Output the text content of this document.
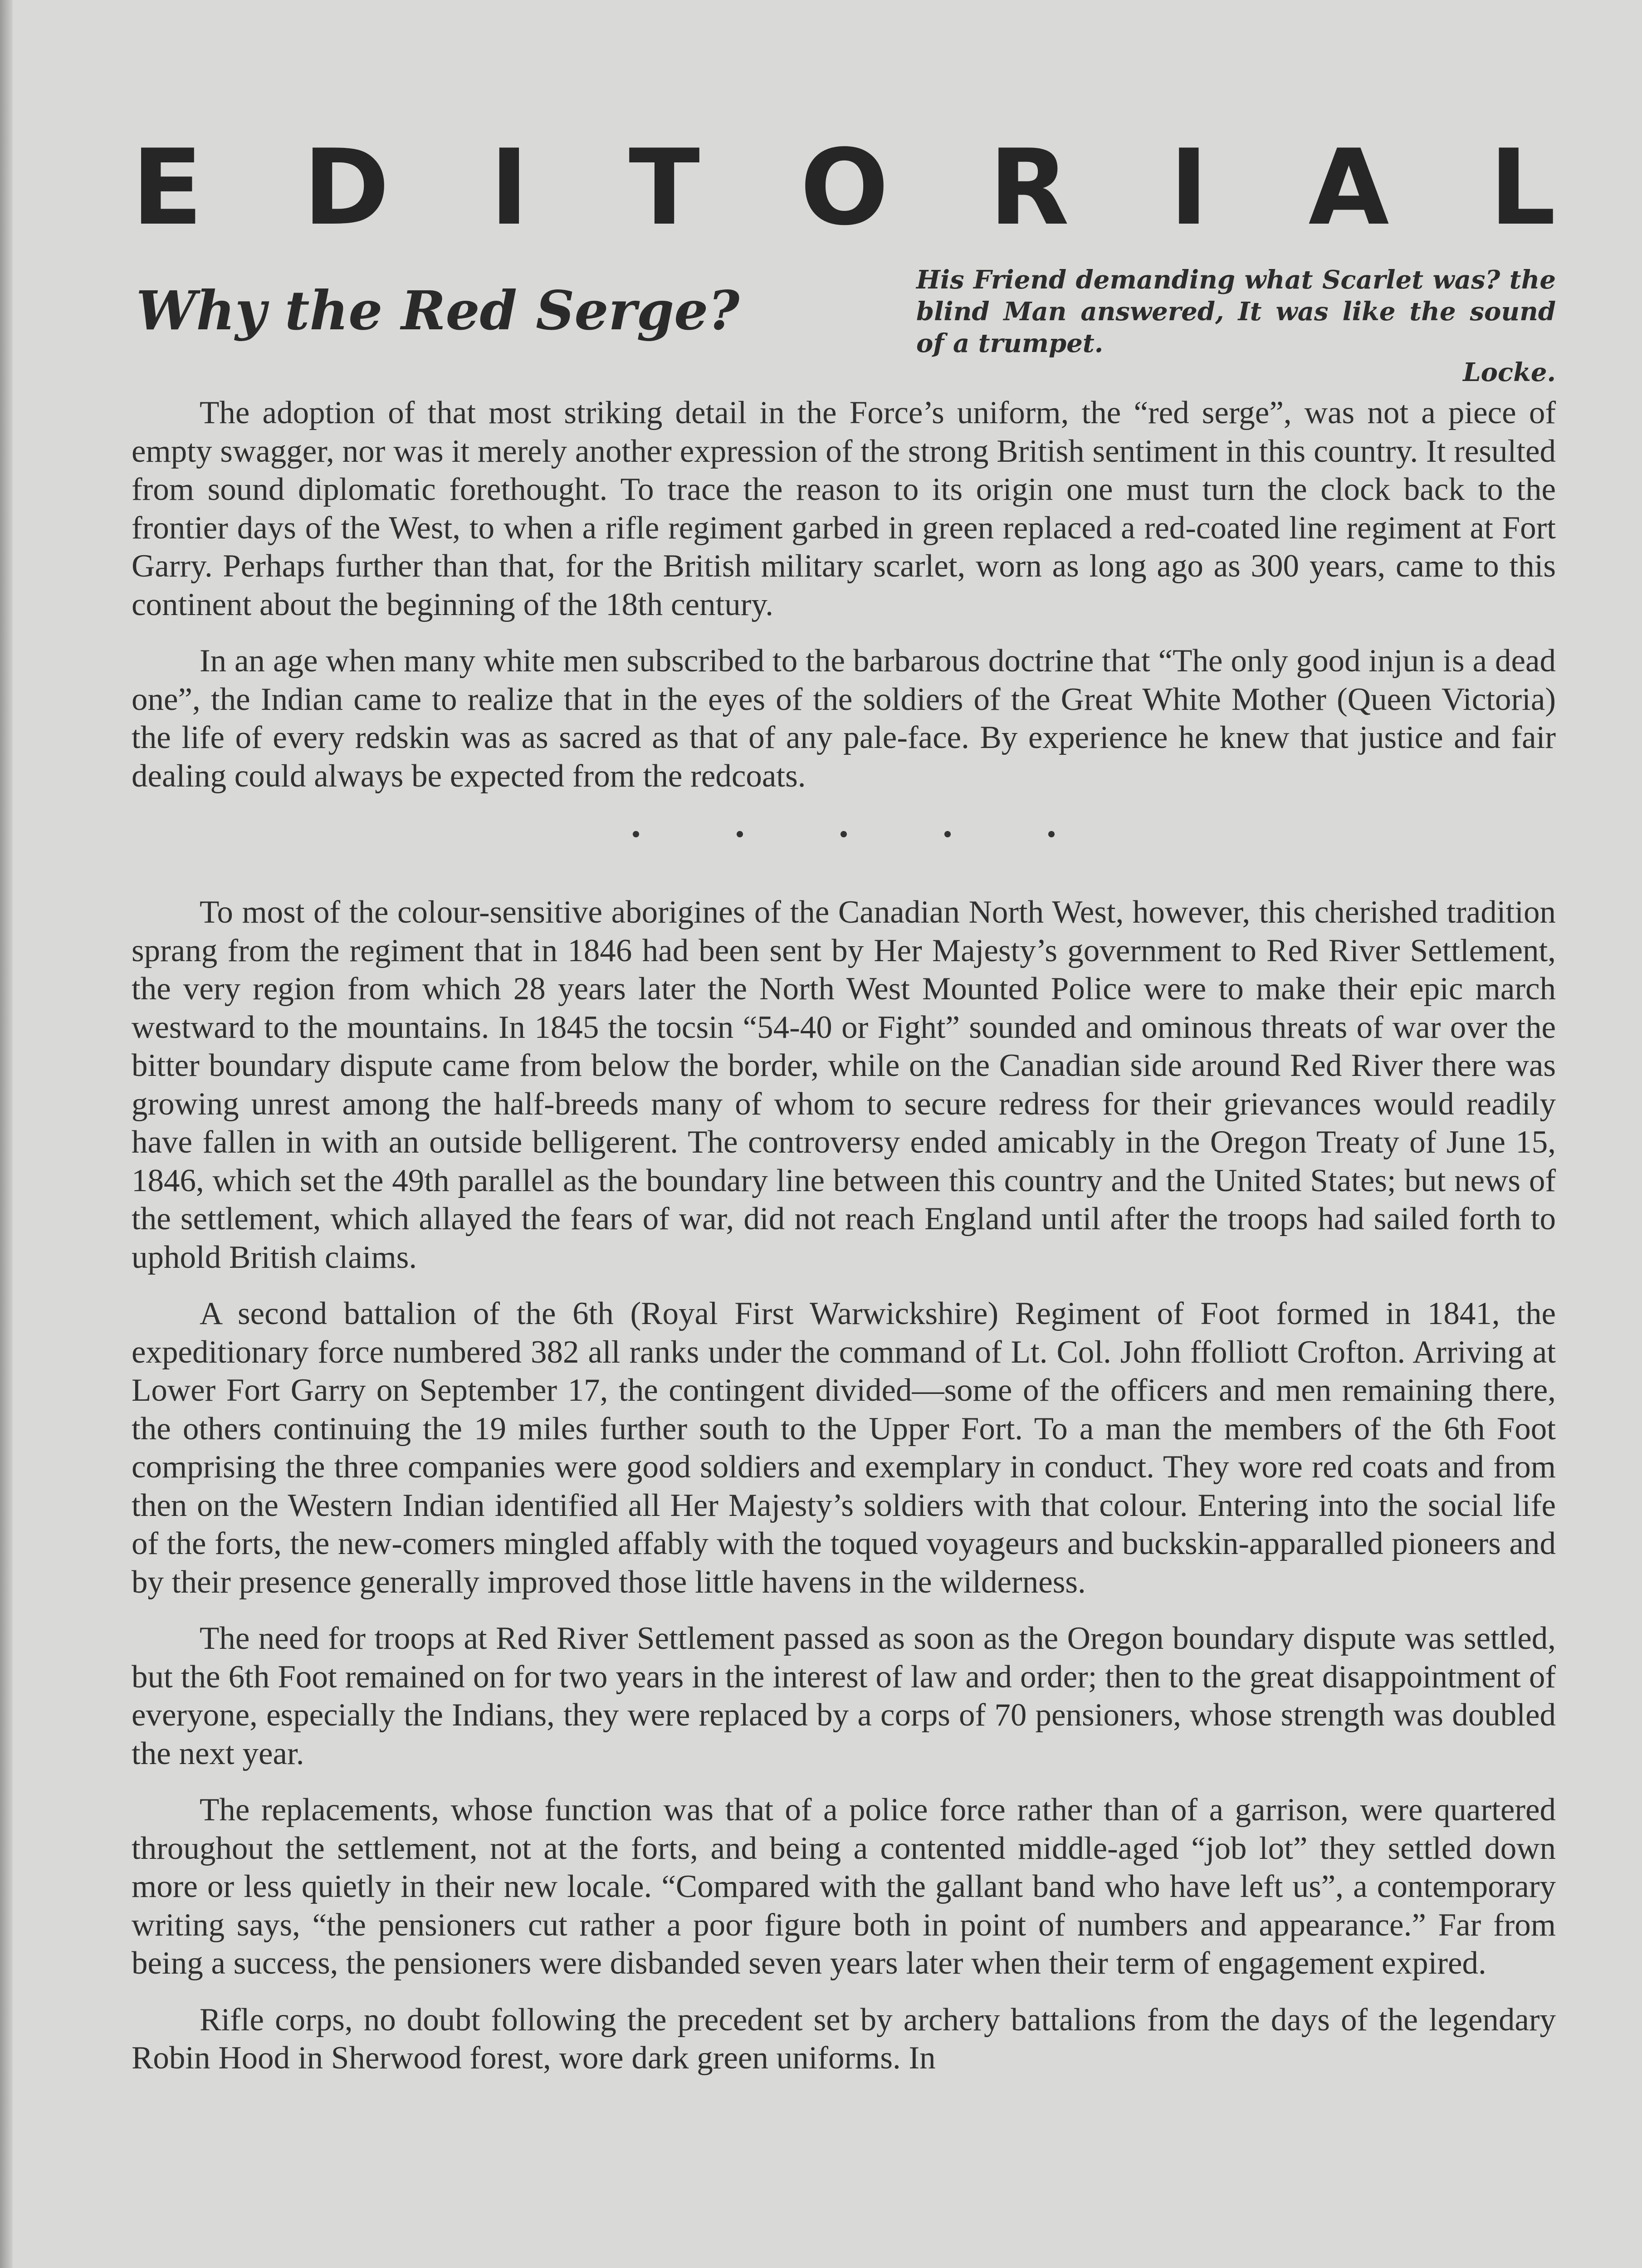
E D I T O R I A L
Why the Red Serge?	His Friend demanding what Scarlet was? the blind Man answered, It was like the sound of a trumpet.
Locke.

The adoption of that most striking detail in the Force’s uniform, the “red serge”, was not a piece of empty swagger, nor was it merely another expression of the strong British sentiment in this country. It resulted from sound diplomatic forethought. To trace the reason to its origin one must turn the clock back to the frontier days of the West, to when a rifle regiment garbed in green replaced a red-coated line regiment at Fort Garry. Perhaps further than that, for the British military scarlet, worn as long ago as 300 years, came to this continent about the beginning of the 18th century.

In an age when many white men subscribed to the barbarous doctrine that “The only good injun is a dead one”, the Indian came to realize that in the eyes of the soldiers of the Great White Mother (Queen Victoria) the life of every redskin was as sacred as that of any pale-face. By experience he knew that justice and fair dealing could always be expected from the redcoats.

To most of the colour-sensitive aborigines of the Canadian North West, however, this cherished tradition sprang from the regiment that in 1846 had been sent by Her Majesty’s government to Red River Settlement, the very region from which 28 years later the North West Mounted Police were to make their epic march westward to the mountains. In 1845 the tocsin “54-40 or Fight” sounded and ominous threats of war over the bitter boundary dispute came from below the border, while on the Canadian side around Red River there was growing unrest among the half-breeds many of whom to secure redress for their grievances would readily have fallen in with an outside belligerent. The controversy ended amicably in the Oregon Treaty of June 15, 1846, which set the 49th parallel as the boundary line between this country and the United States; but news of the settlement, which allayed the fears of war, did not reach England until after the troops had sailed forth to uphold British claims.

A second battalion of the 6th (Royal First Warwickshire) Regiment of Foot formed in 1841, the expeditionary force numbered 382 all ranks under the command of Lt. Col. John ffolliott Crofton. Arriving at Lower Fort Garry on September 17, the contingent divided—some of the officers and men remaining there, the others continuing the 19 miles further south to the Upper Fort. To a man the members of the 6th Foot comprising the three companies were good soldiers and exemplary in conduct. They wore red coats and from then on the Western Indian identified all Her Majesty’s soldiers with that colour. Entering into the social life of the forts, the new-comers mingled affably with the toqued voyageurs and buckskin-apparalled pioneers and by their presence generally improved those little havens in the wilderness.

The need for troops at Red River Settlement passed as soon as the Oregon boundary dispute was settled, but the 6th Foot remained on for two years in the interest of law and order; then to the great disappointment of everyone, especially the Indians, they were replaced by a corps of 70 pensioners, whose strength was doubled the next year.

The replacements, whose function was that of a police force rather than of a garrison, were quartered throughout the settlement, not at the forts, and being a contented middle-aged “job lot” they settled down more or less quietly in their new locale. “Compared with the gallant band who have left us”, a contemporary writing says, “the pensioners cut rather a poor figure both in point of numbers and appearance.” Far from being a success, the pensioners were disbanded seven years later when their term of engagement expired.

Rifle corps, no doubt following the precedent set by archery battalions from the days of the legendary Robin Hood in Sherwood forest, wore dark green uniforms. In
